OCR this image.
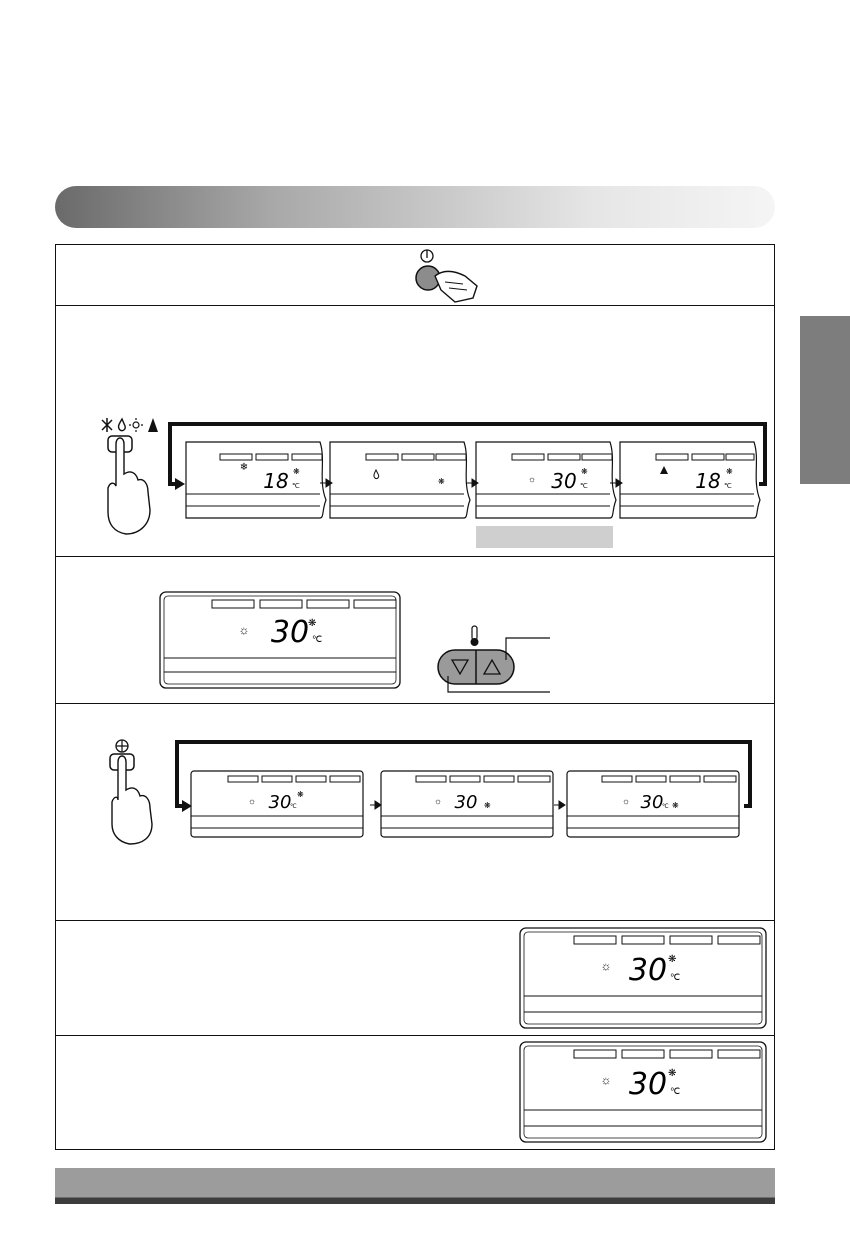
❄
18 ℃
❋
❋	☼ 30 ℃
❋	18 ℃
❋
☼ 30 ℃
❋
☼ 30
℃
❋
☼ 30 ❋	☼ 30
℃ ❋
☼ 30 ℃
❋
☼ 30 ℃
❋
